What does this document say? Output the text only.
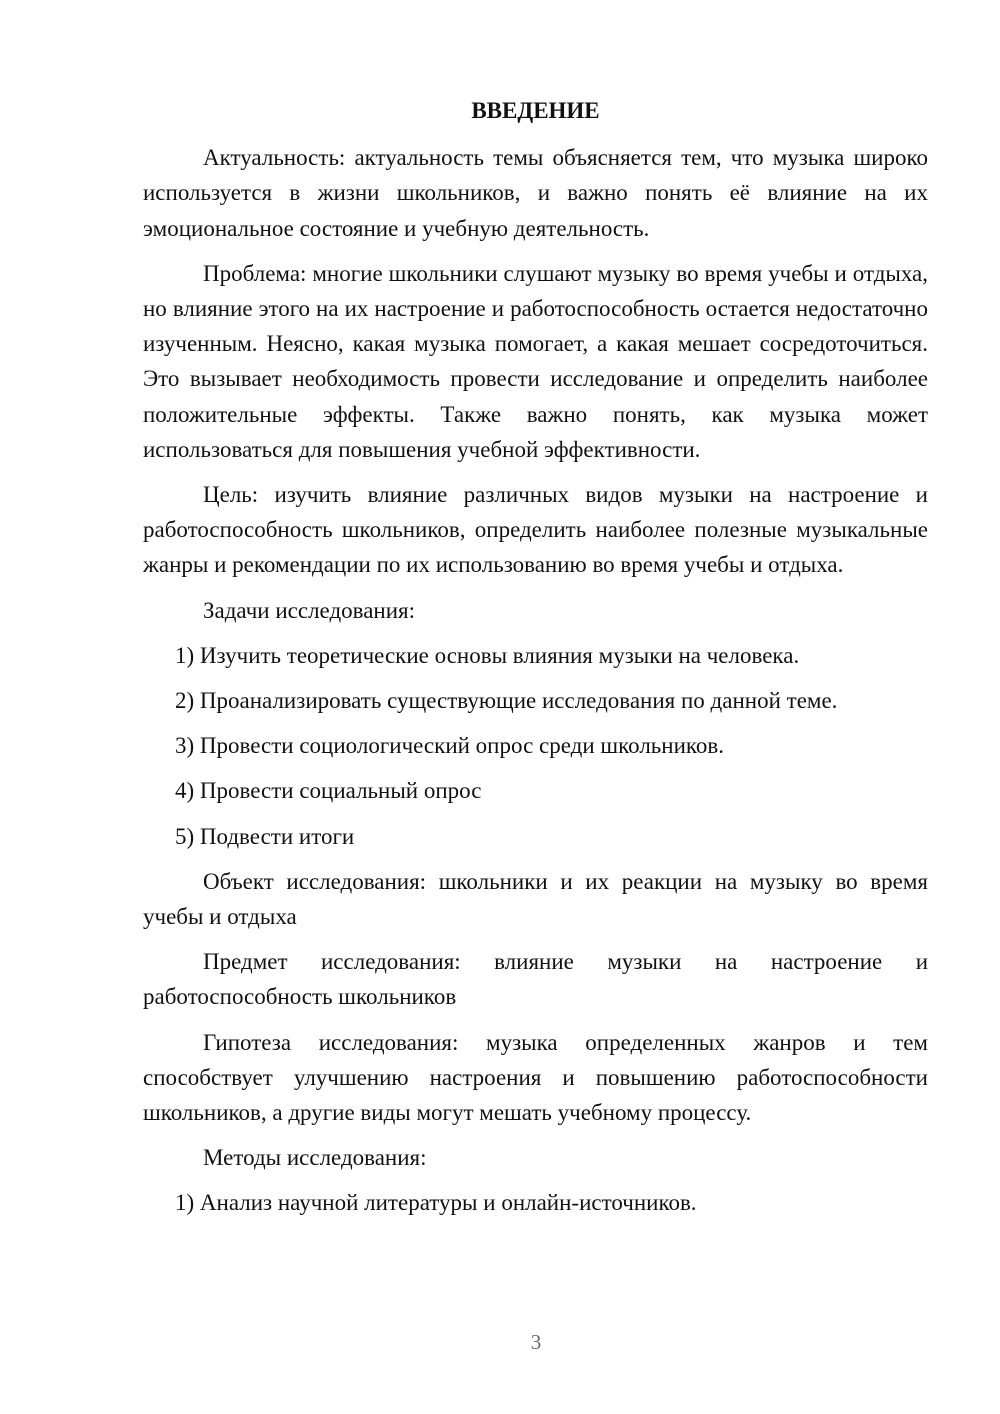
ВВЕДЕНИЕ

Актуальность: актуальность темы объясняется тем, что музыка широко используется в жизни школьников, и важно понять её влияние на их эмоциональное состояние и учебную деятельность.

Проблема: многие школьники слушают музыку во время учебы и отдыха, но влияние этого на их настроение и работоспособность остается недостаточно изученным. Неясно, какая музыка помогает, а какая мешает сосредоточиться. Это вызывает необходимость провести исследование и определить наиболее положительные эффекты. Также важно понять, как музыка может использоваться для повышения учебной эффективности.

Цель: изучить влияние различных видов музыки на настроение и работоспособность школьников, определить наиболее полезные музыкальные жанры и рекомендации по их использованию во время учебы и отдыха.

Задачи исследования:

1) Изучить теоретические основы влияния музыки на человека.
2) Проанализировать существующие исследования по данной теме.
3) Провести социологический опрос среди школьников.
4) Провести социальный опрос
5) Подвести итоги

Объект исследования: школьники и их реакции на музыку во время учебы и отдыха

Предмет исследования: влияние музыки на настроение и работоспособность школьников

Гипотеза исследования: музыка определенных жанров и тем способствует улучшению настроения и повышению работоспособности школьников, а другие виды могут мешать учебному процессу.

Методы исследования:

1) Анализ научной литературы и онлайн-источников.
3
